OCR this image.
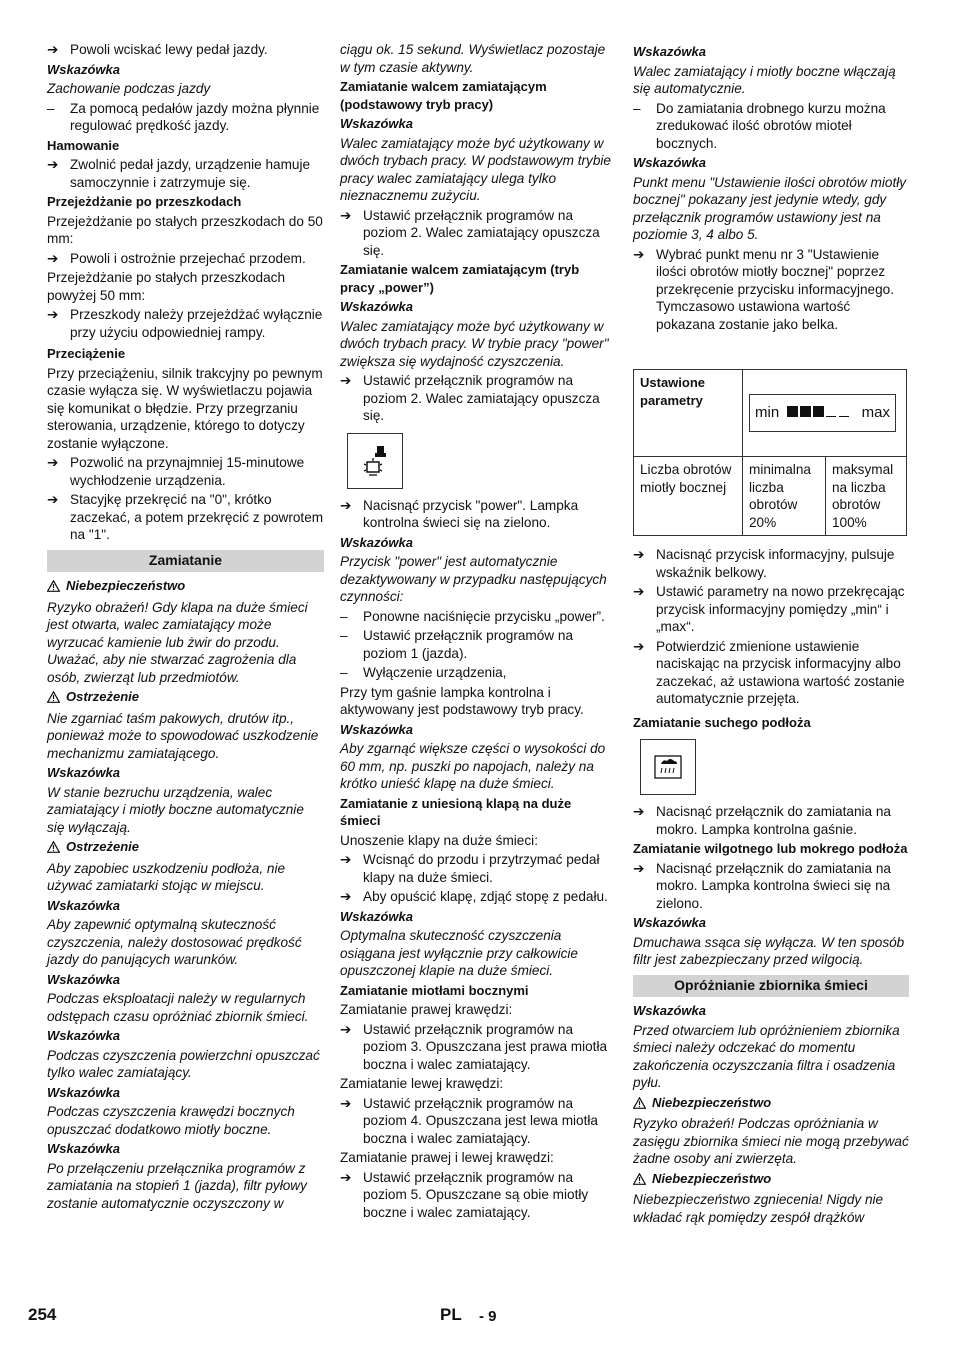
➔ Powoli wciskać lewy pedał jazdy.

Wskazówka

Zachowanie podczas jazdy

–	Za pomocą pedałów jazdy można płynnie regulować prędkość jazdy.

Hamowanie

➔ Zwolnić pedał jazdy, urządzenie hamuje samoczynnie i zatrzymuje się.

Przejeżdżanie po przeszkodach

Przejeżdżanie po stałych przeszkodach do 50 mm:

➔ Powoli i ostrożnie przejechać przodem.

Przejeżdżanie po stałych przeszkodach powyżej 50 mm:

➔ Przeszkody należy przejeżdżać wyłącznie przy użyciu odpowiedniej rampy.

Przeciążenie

Przy przeciążeniu, silnik trakcyjny po pewnym czasie wyłącza się. W wyświetlaczu pojawia się komunikat o błędzie. Przy przegrzaniu sterowania, urządzenie, którego to dotyczy zostanie wyłączone.

➔ Pozwolić na przynajmniej 15-minutowe wychłodzenie urządzenia.
➔ Stacyjkę przekręcić na "0", krótko zaczekać, a potem przekręcić z powrotem na "1".
Zamiatanie

Niebezpieczeństwo

Ryzyko obrażeń! Gdy klapa na duże śmieci jest otwarta, walec zamiatający może wyrzucać kamienie lub żwir do przodu. Uważać, aby nie stwarzać zagrożenia dla osób, zwierząt lub przedmiotów.

Ostrzeżenie

Nie zgarniać taśm pakowych, drutów itp., ponieważ może to spowodować uszkodzenie mechanizmu zamiatającego.

Wskazówka

W stanie bezruchu urządzenia, walec zamiatający i miotły boczne automatycznie się wyłączają.

Ostrzeżenie

Aby zapobiec uszkodzeniu podłoża, nie używać zamiatarki stojąc w miejscu.

Wskazówka

Aby zapewnić optymalną skuteczność czyszczenia, należy dostosować prędkość jazdy do panujących warunków.

Wskazówka

Podczas eksploatacji należy w regularnych odstępach czasu opróżniać zbiornik śmieci.

Wskazówka

Podczas czyszczenia powierzchni opuszczać tylko walec zamiatający.

Wskazówka

Podczas czyszczenia krawędzi bocznych opuszczać dodatkowo miotły boczne.

Wskazówka

Po przełączeniu przełącznika programów z zamiatania na stopień 1 (jazda), filtr pyłowy zostanie automatycznie oczyszczony w

ciągu ok. 15 sekund. Wyświetlacz pozostaje w tym czasie aktywny.

Zamiatanie walcem zamiatającym (podstawowy tryb pracy)

Wskazówka

Walec zamiatający może być użytkowany w dwóch trybach pracy. W podstawowym trybie pracy walec zamiatający ulega tylko nieznacznemu zużyciu.

➔ Ustawić przełącznik programów na poziom 2. Walec zamiatający opuszcza się.

Zamiatanie walcem zamiatającym (tryb pracy „power”)

Wskazówka

Walec zamiatający może być użytkowany w dwóch trybach pracy. W trybie pracy "power" zwiększa się wydajność czyszczenia.

➔ Ustawić przełącznik programów na poziom 2. Walec zamiatający opuszcza się.
➔ Nacisnąć przycisk "power". Lampka kontrolna świeci się na zielono.

Wskazówka

Przycisk "power" jest automatycznie dezaktywowany w przypadku następujących czynności:

–	Ponowne naciśnięcie przycisku „power”.
–	Ustawić przełącznik programów na poziom 1 (jazda).
–	Wyłączenie urządzenia,

Przy tym gaśnie lampka kontrolna i aktywowany jest podstawowy tryb pracy.

Wskazówka

Aby zgarnąć większe części o wysokości do 60 mm, np. puszki po napojach, należy na krótko unieść klapę na duże śmieci.

Zamiatanie z uniesioną klapą na duże śmieci

Unoszenie klapy na duże śmieci:

➔ Wcisnąć do przodu i przytrzymać pedał klapy na duże śmieci.
➔ Aby opuścić klapę, zdjąć stopę z pedału.

Wskazówka

Optymalna skuteczność czyszczenia osiągana jest wyłącznie przy całkowicie opuszczonej klapie na duże śmieci.

Zamiatanie miotłami bocznymi

Zamiatanie prawej krawędzi:

➔ Ustawić przełącznik programów na poziom 3. Opuszczana jest prawa miotła boczna i walec zamiatający.

Zamiatanie lewej krawędzi:

➔ Ustawić przełącznik programów na poziom 4. Opuszczana jest lewa miotła boczna i walec zamiatający.

Zamiatanie prawej i lewej krawędzi:

➔ Ustawić przełącznik programów na poziom 5. Opuszczane są obie miotły boczne i walec zamiatający.

Wskazówka

Walec zamiatający i miotły boczne włączają się automatycznie.

–	Do zamiatania drobnego kurzu można zredukować ilość obrotów mioteł bocznych.

Wskazówka

Punkt menu "Ustawienie ilości obrotów miotły bocznej" pokazany jest jedynie wtedy, gdy przełącznik programów ustawiony jest na poziomie 3, 4 albo 5.

➔ Wybrać punkt menu nr 3 "Ustawienie ilości obrotów miotły bocznej" poprzez przekręcenie przycisku informacyjnego. Tymczasowo ustawiona wartość pokazana zostanie jako belka.
Ustawione parametry	min max	

Liczba obrotów miotły bocznej	minimalna liczba obrotów 20%	maksymal na liczba obrotów 100%
➔ Nacisnąć przycisk informacyjny, pulsuje wskaźnik belkowy.
➔ Ustawić parametry na nowo przekręcając przycisk informacyjny pomiędzy „min“ i „max“.
➔ Potwierdzić zmienione ustawienie naciskając na przycisk informacyjny albo zaczekać, aż ustawiona wartość zostanie automatycznie przejęta.

Zamiatanie suchego podłoża

➔ Nacisnąć przełącznik do zamiatania na mokro. Lampka kontrolna gaśnie.

Zamiatanie wilgotnego lub mokrego podłoża

➔ Nacisnąć przełącznik do zamiatania na mokro. Lampka kontrolna świeci się na zielono.

Wskazówka

Dmuchawa ssąca się wyłącza. W ten sposób filtr jest zabezpieczany przed wilgocią.

Opróżnianie zbiornika śmieci

Wskazówka

Przed otwarciem lub opróżnieniem zbiornika śmieci należy odczekać do momentu zakończenia oczyszczania filtra i osadzenia pyłu.

Niebezpieczeństwo

Ryzyko obrażeń! Podczas opróżniania w zasięgu zbiornika śmieci nie mogą przebywać żadne osoby ani zwierzęta.

Niebezpieczeństwo

Niebezpieczeństwo zgniecenia! Nigdy nie wkładać rąk pomiędzy zespół drążków

254	PL - 9
